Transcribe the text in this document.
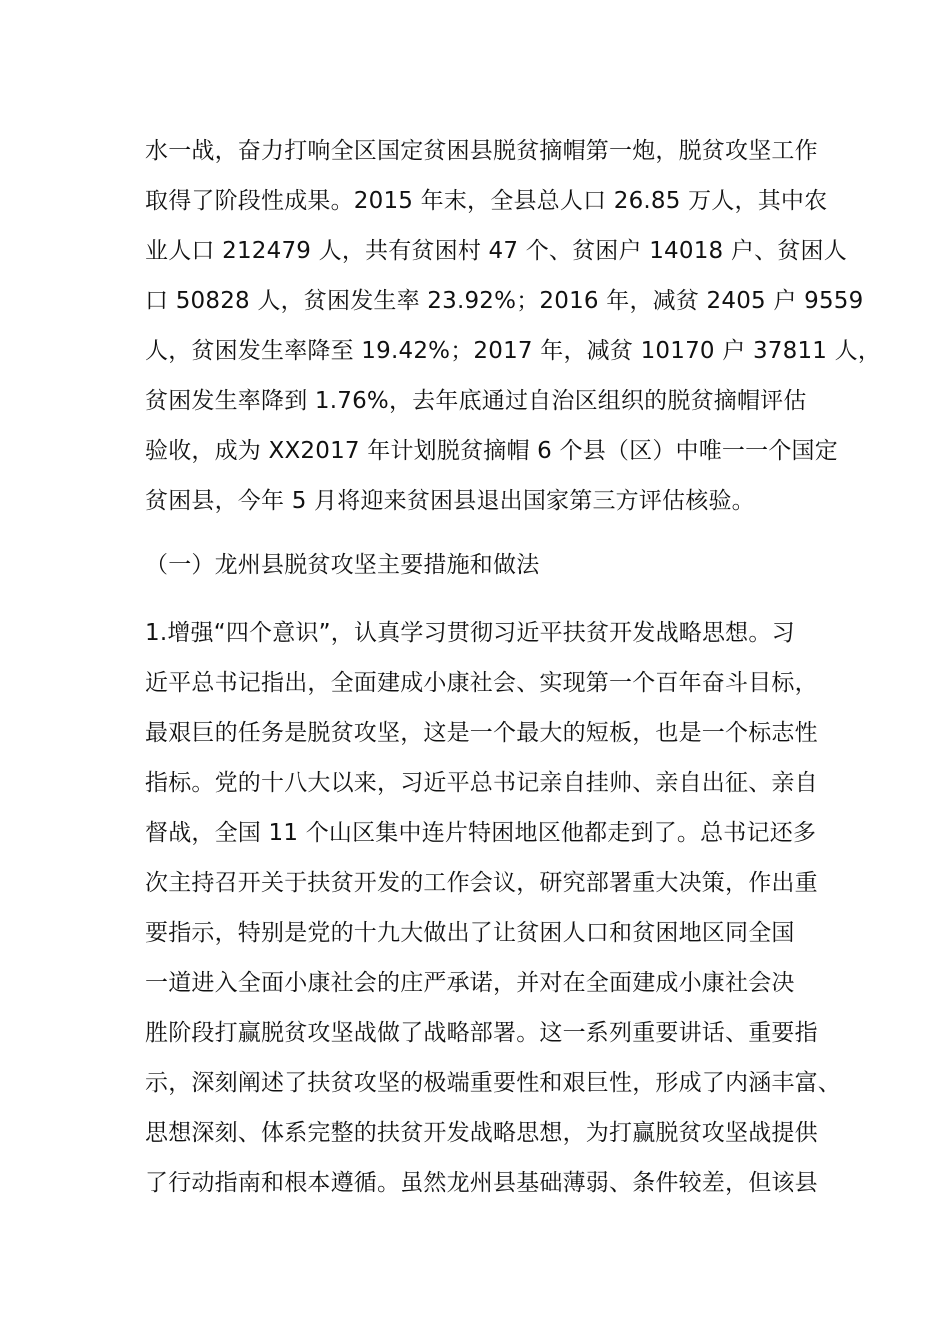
水一战，奋力打响全区国定贫困县脱贫摘帽第一炮，脱贫攻坚工作
取得了阶段性成果。2015 年末，全县总人口 26.85 万人，其中农
业人口 212479 人，共有贫困村 47 个、贫困户 14018 户、贫困人
口 50828 人，贫困发生率 23.92%；2016 年，减贫 2405 户 9559
人，贫困发生率降至 19.42%；2017 年，减贫 10170 户 37811 人，
贫困发生率降到 1.76%，去年底通过自治区组织的脱贫摘帽评估
验收，成为 XX2017 年计划脱贫摘帽 6 个县（区）中唯一一个国定
贫困县，今年 5 月将迎来贫困县退出国家第三方评估核验。
（一）龙州县脱贫攻坚主要措施和做法
1.增强“四个意识”，认真学习贯彻习近平扶贫开发战略思想。习
近平总书记指出，全面建成小康社会、实现第一个百年奋斗目标，
最艰巨的任务是脱贫攻坚，这是一个最大的短板，也是一个标志性
指标。党的十八大以来，习近平总书记亲自挂帅、亲自出征、亲自
督战，全国 11 个山区集中连片特困地区他都走到了。总书记还多
次主持召开关于扶贫开发的工作会议，研究部署重大决策，作出重
要指示，特别是党的十九大做出了让贫困人口和贫困地区同全国
一道进入全面小康社会的庄严承诺，并对在全面建成小康社会决
胜阶段打赢脱贫攻坚战做了战略部署。这一系列重要讲话、重要指
示，深刻阐述了扶贫攻坚的极端重要性和艰巨性，形成了内涵丰富、
思想深刻、体系完整的扶贫开发战略思想，为打赢脱贫攻坚战提供
了行动指南和根本遵循。虽然龙州县基础薄弱、条件较差，但该县
